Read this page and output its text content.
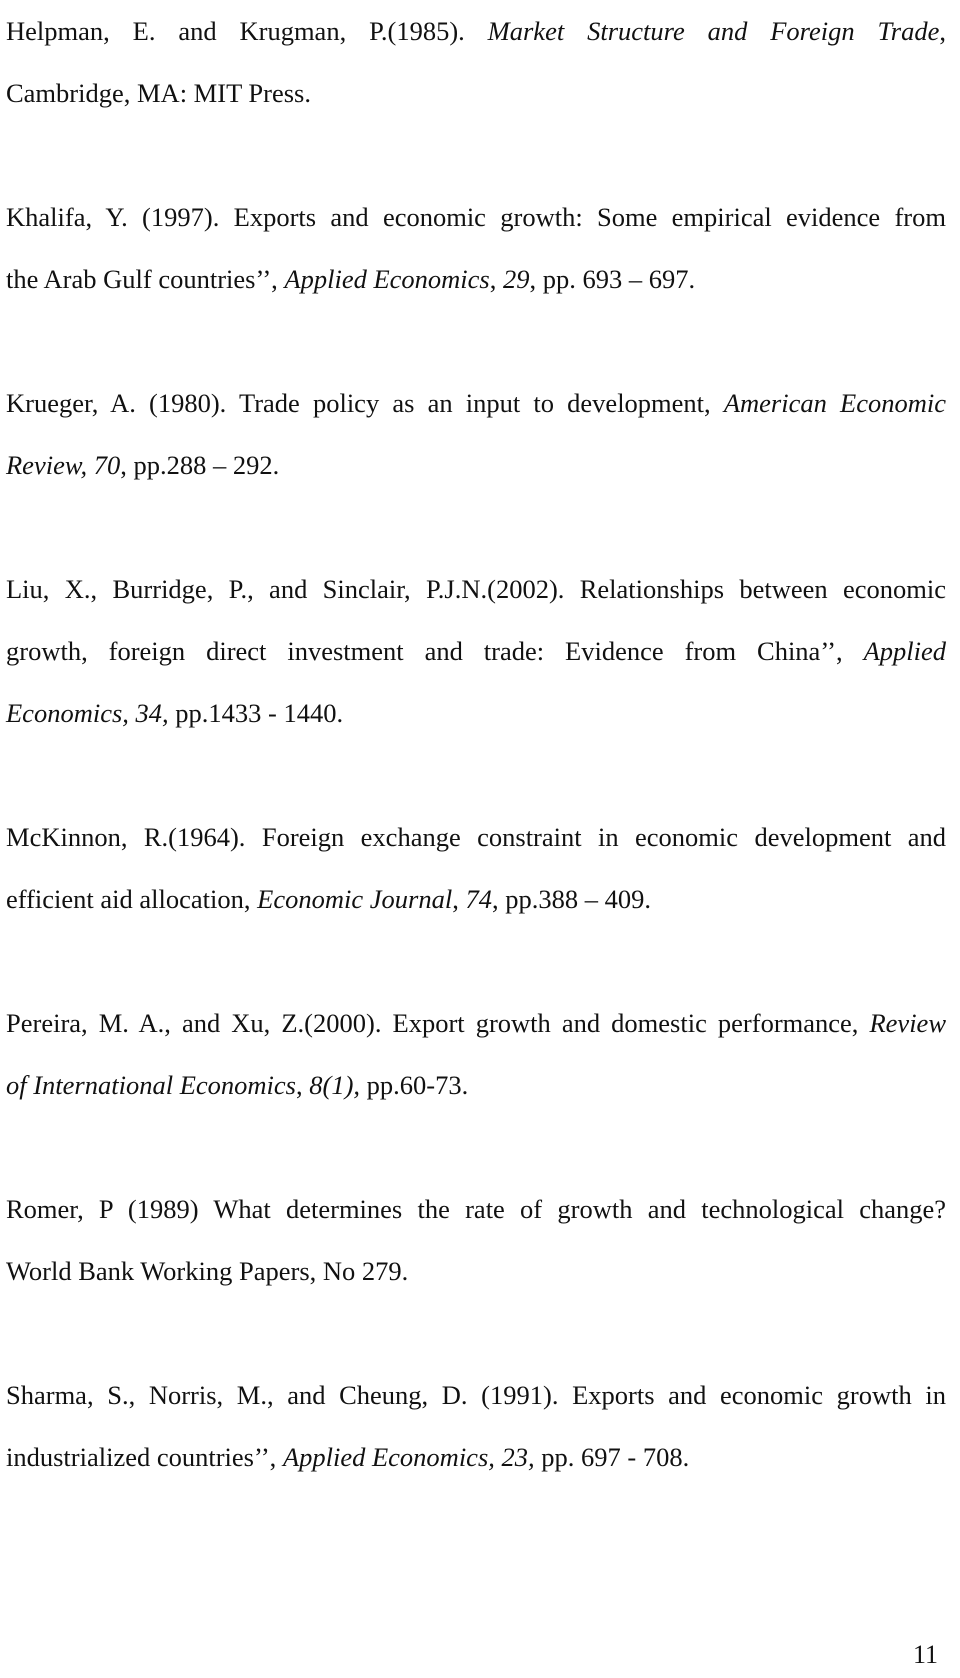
Helpman, E. and Krugman, P.(1985). Market Structure and Foreign Trade,
Cambridge, MA: MIT Press.

Khalifa, Y. (1997). Exports and economic growth: Some empirical evidence from
the Arab Gulf countries’’, Applied Economics, 29, pp. 693 – 697.

Krueger, A. (1980). Trade policy as an input to development, American Economic
Review, 70, pp.288 – 292.

Liu, X., Burridge, P., and Sinclair, P.J.N.(2002). Relationships between economic
growth, foreign direct investment and trade: Evidence from China’’, Applied
Economics, 34, pp.1433 - 1440.

McKinnon, R.(1964). Foreign exchange constraint in economic development and
efficient aid allocation, Economic Journal, 74, pp.388 – 409.

Pereira, M. A., and Xu, Z.(2000). Export growth and domestic performance, Review
of International Economics, 8(1), pp.60-73.

Romer, P (1989) What determines the rate of growth and technological change?
World Bank Working Papers, No 279.

Sharma, S., Norris, M., and Cheung, D. (1991). Exports and economic growth in
industrialized countries’’, Applied Economics, 23, pp. 697 - 708.

11
